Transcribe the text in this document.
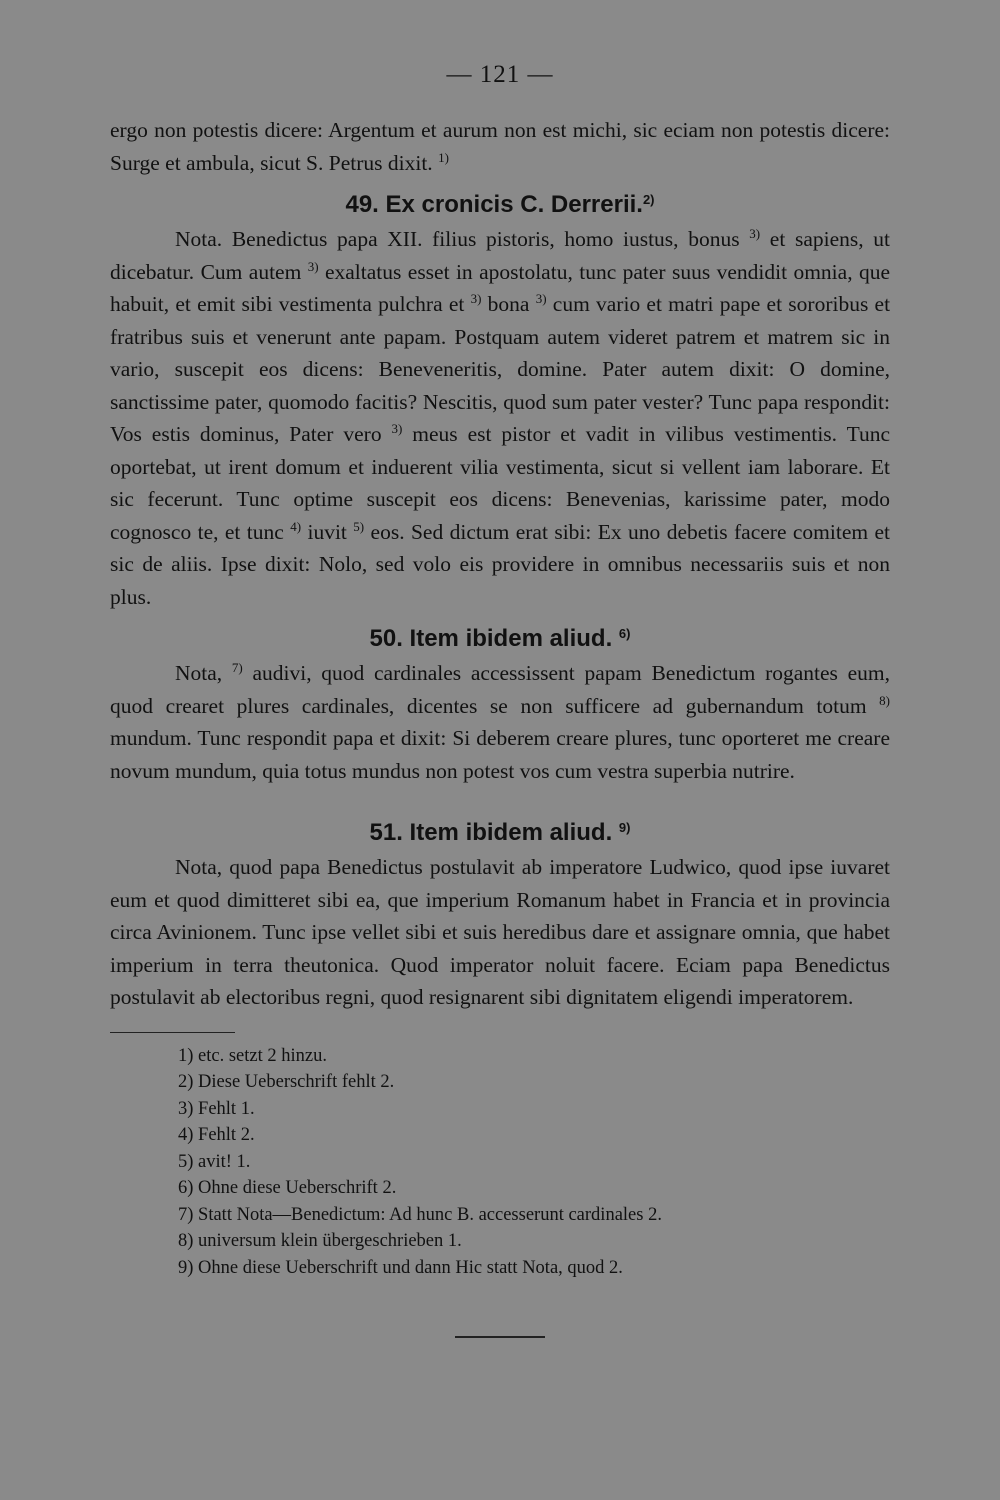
— 121 —

ergo non potestis dicere: Argentum et aurum non est michi, sic eciam non potestis dicere: Surge et ambula, sicut S. Petrus dixit. $^{1)}$

49. Ex cronicis C. Derrerii.$^{2)}$

Nota. Benedictus papa XII. filius pistoris, homo iustus, bonus $^{3)}$ et sapiens, ut dicebatur. Cum autem $^{3)}$ exaltatus esset in apostolatu, tunc pater suus vendidit omnia, que habuit, et emit sibi vestimenta pulchra et $^{3)}$ bona $^{3)}$ cum vario et matri pape et sororibus et fratribus suis et venerunt ante papam. Postquam autem videret patrem et matrem sic in vario, suscepit eos dicens: Beneveneritis, domine. Pater autem dixit: O domine, sanctissime pater, quomodo facitis? Nescitis, quod sum pater vester? Tunc papa respondit: Vos estis dominus, Pater vero $^{3)}$ meus est pistor et vadit in vilibus vestimentis. Tunc oportebat, ut irent domum et induerent vilia vestimenta, sicut si vellent iam laborare. Et sic fecerunt. Tunc optime suscepit eos dicens: Benevenias, karissime pater, modo cognosco te, et tunc $^{4)}$ iuvit $^{5)}$ eos. Sed dictum erat sibi: Ex uno debetis facere comitem et sic de aliis. Ipse dixit: Nolo, sed volo eis providere in omnibus necessariis suis et non plus.

50. Item ibidem aliud. $^{6)}$

Nota, $^{7)}$ audivi, quod cardinales accessissent papam Benedictum rogantes eum, quod crearet plures cardinales, dicentes se non sufficere ad gubernandum totum $^{8)}$ mundum. Tunc respondit papa et dixit: Si deberem creare plures, tunc oporteret me creare novum mundum, quia totus mundus non potest vos cum vestra superbia nutrire.

51. Item ibidem aliud. $^{9)}$

Nota, quod papa Benedictus postulavit ab imperatore Ludwico, quod ipse iuvaret eum et quod dimitteret sibi ea, que imperium Romanum habet in Francia et in provincia circa Avinionem. Tunc ipse vellet sibi et suis heredibus dare et assignare omnia, que habet imperium in terra theutonica. Quod imperator noluit facere. Eciam papa Benedictus postulavit ab electoribus regni, quod resignarent sibi dignitatem eligendi imperatorem.

1) etc. setzt 2 hinzu.
2) Diese Ueberschrift fehlt 2.
3) Fehlt 1.
4) Fehlt 2.
5) avit! 1.
6) Ohne diese Ueberschrift 2.
7) Statt Nota—Benedictum: Ad hunc B. accesserunt cardinales 2.
8) universum klein übergeschrieben 1.
9) Ohne diese Ueberschrift und dann Hic statt Nota, quod 2.
